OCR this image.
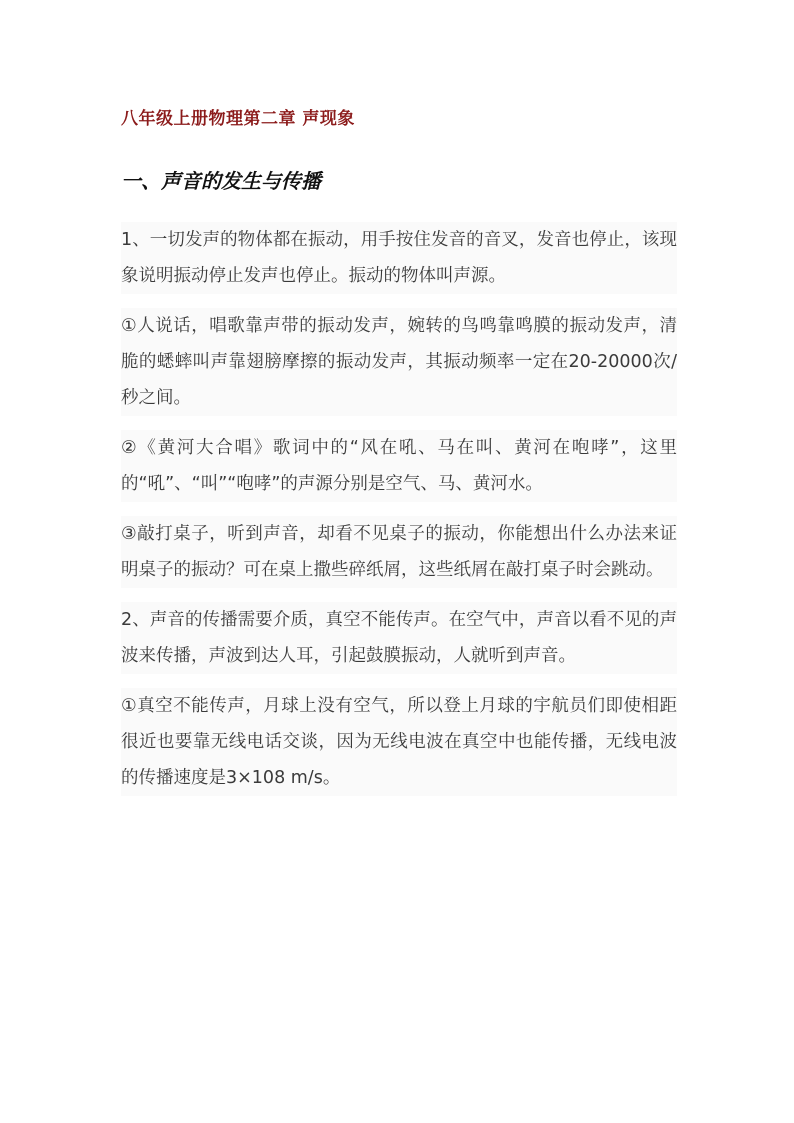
八年级上册物理第二章 声现象
一、声音的发生与传播

1、一切发声的物体都在振动，用手按住发音的音叉，发音也停止，该现象说明振动停止发声也停止。振动的物体叫声源。

①人说话，唱歌靠声带的振动发声，婉转的鸟鸣靠鸣膜的振动发声，清脆的蟋蟀叫声靠翅膀摩擦的振动发声，其振动频率一定在20-20000次/秒之间。

②《黄河大合唱》歌词中的“风在吼、马在叫、黄河在咆哮”，这里的“吼”、“叫”“咆哮”的声源分别是空气、马、黄河水。

③敲打桌子，听到声音，却看不见桌子的振动，你能想出什么办法来证明桌子的振动？可在桌上撒些碎纸屑，这些纸屑在敲打桌子时会跳动。

2、声音的传播需要介质，真空不能传声。在空气中，声音以看不见的声波来传播，声波到达人耳，引起鼓膜振动，人就听到声音。

①真空不能传声，月球上没有空气，所以登上月球的宇航员们即使相距很近也要靠无线电话交谈，因为无线电波在真空中也能传播，无线电波的传播速度是3×108 m/s。
